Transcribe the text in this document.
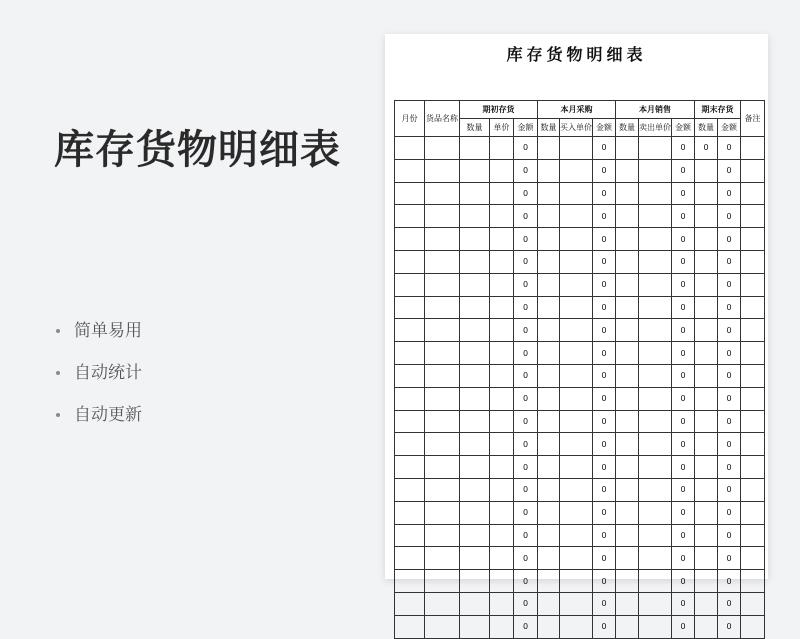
库存货物明细表
简单易用
自动统计
自动更新
库存货物明细表
月份	货品名称	期初存货			本月采购			本月销售			期末存货		备注
		数量	单价	金额	数量	买入单价	金额	数量	卖出单价	金额	数量	金额	
				0			0			0	0	0	
				0			0			0		0	
				0			0			0		0	
				0			0			0		0	
				0			0			0		0	
				0			0			0		0	
				0			0			0		0	
				0			0			0		0	
				0			0			0		0	
				0			0			0		0	
				0			0			0		0	
				0			0			0		0	
				0			0			0		0	
				0			0			0		0	
				0			0			0		0	
				0			0			0		0	
				0			0			0		0	
				0			0			0		0	
				0			0			0		0	
				0			0			0		0	
				0			0			0		0	
				0			0			0		0	
